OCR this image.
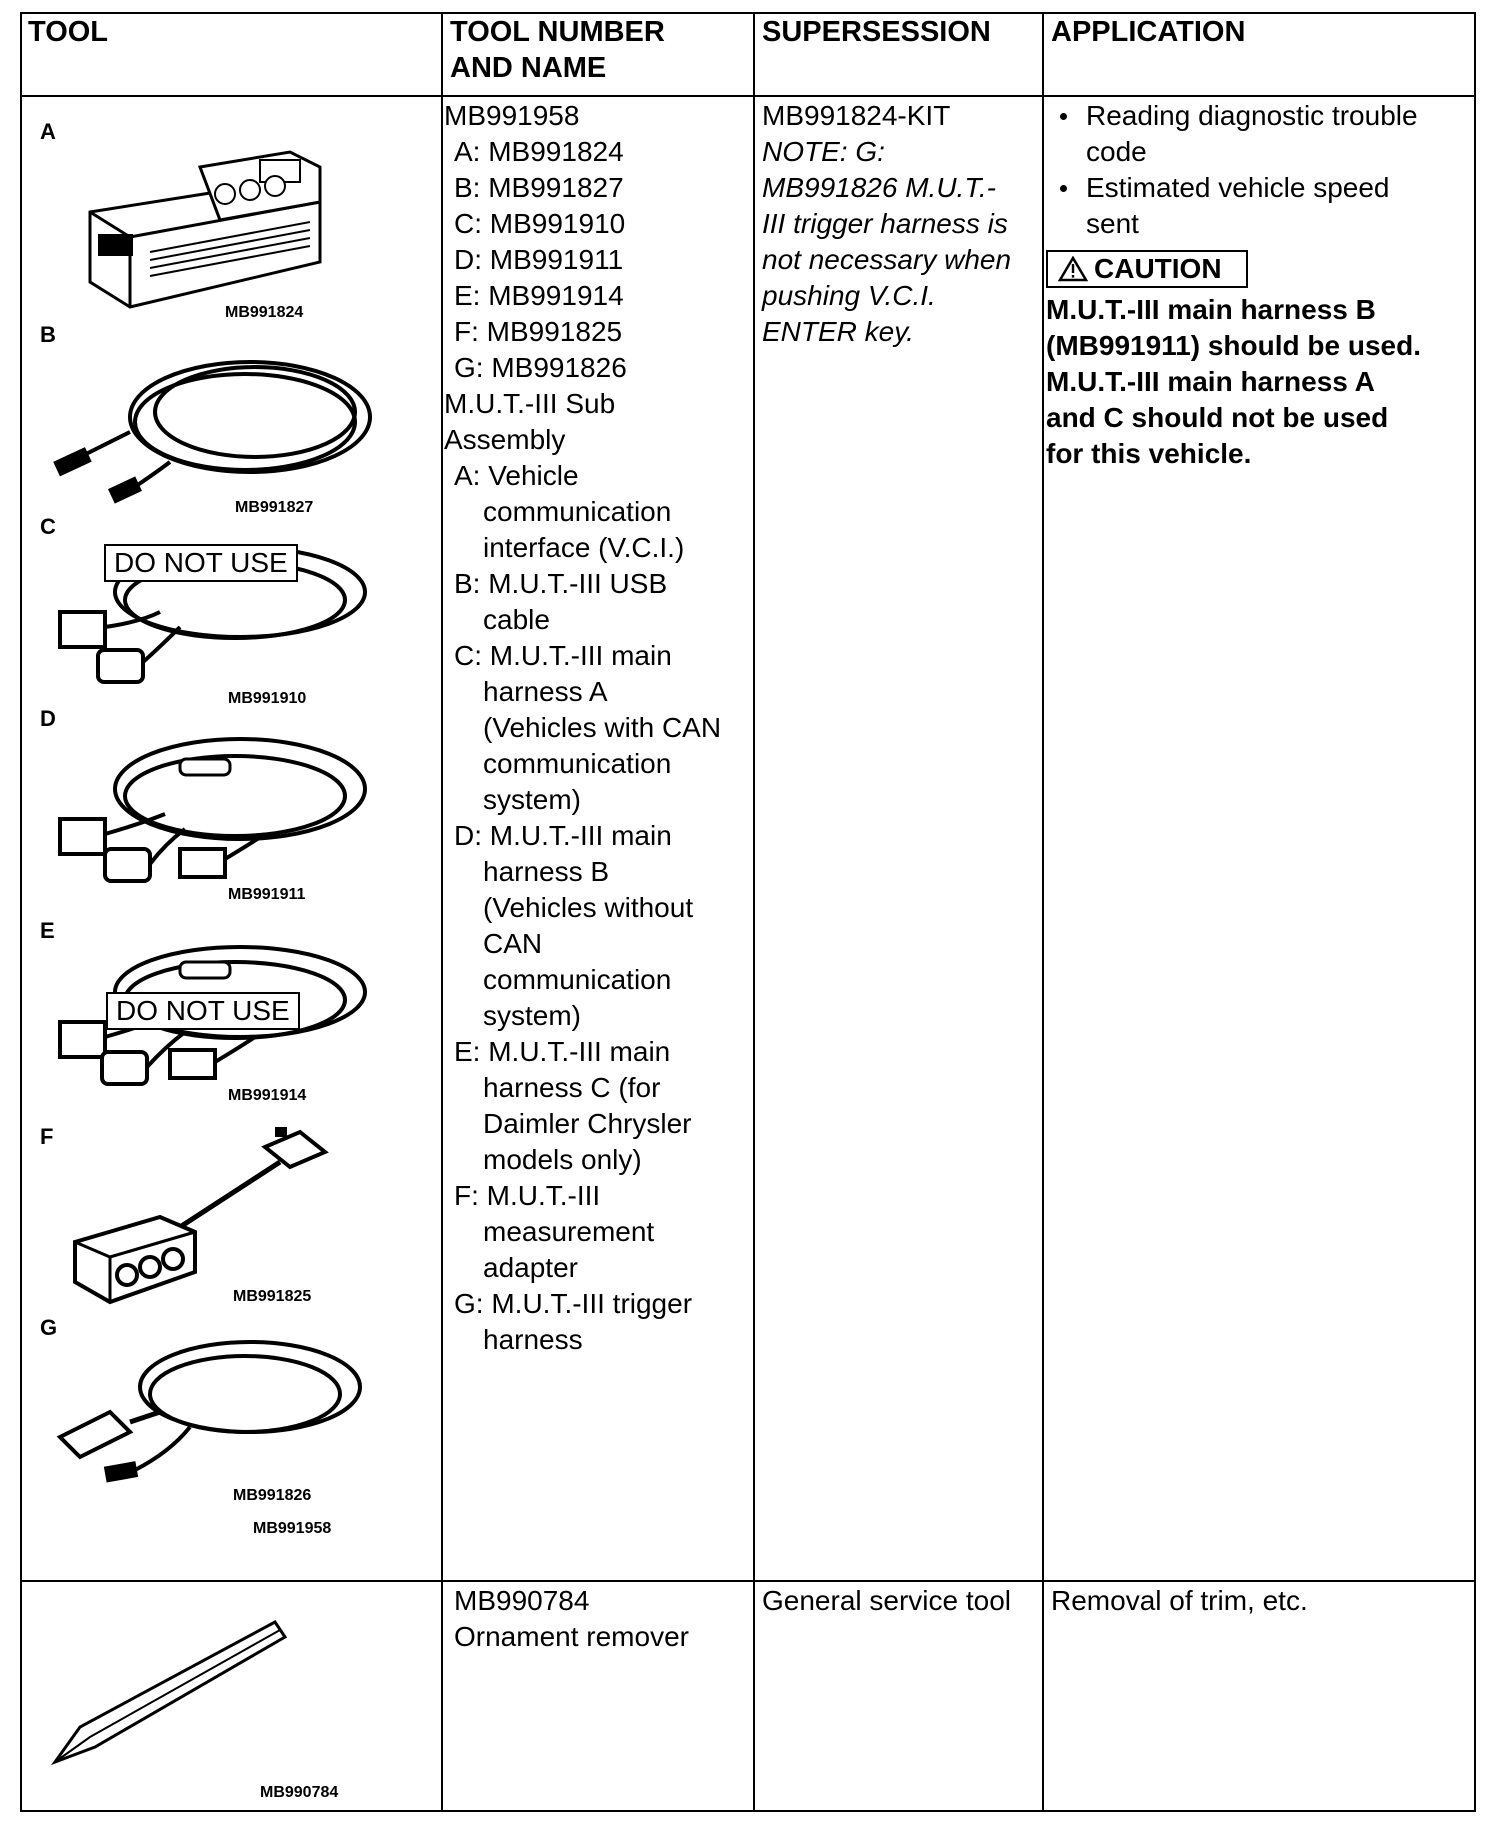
TOOL	TOOL NUMBER AND NAME
SUPERSESSION APPLICATION
A
MB991824
B
MB991827
C
DO NOT USE
MB991910
D
MB991911
E
DO NOT USE
MB991914
F
MB991825
G
MB991826
MB991958
MB991958
A: MB991824
B: MB991827
C: MB991910
D: MB991911
E: MB991914
F: MB991825
G: MB991826
M.U.T.-III Sub
Assembly
A: Vehicle
communication
interface (V.C.I.)
B: M.U.T.-III USB
cable
C: M.U.T.-III main
harness A
(Vehicles with CAN
communication
system)
D: M.U.T.-III main
harness B
(Vehicles without
CAN
communication
system)
E: M.U.T.-III main
harness C (for
Daimler Chrysler
models only)
F: M.U.T.-III
measurement
adapter
G: M.U.T.-III trigger
harness
MB991824-KIT
NOTE: G:
MB991826 M.U.T.-
III trigger harness is
not necessary when
pushing V.C.I.
ENTER key.
Reading diagnostic trouble
code
Estimated vehicle speed
sent
CAUTION
M.U.T.-III main harness B
(MB991911) should be used.
M.U.T.-III main harness A
and C should not be used
for this vehicle.
MB990784
MB990784
Ornament remover
General service tool	Removal of trim, etc.
